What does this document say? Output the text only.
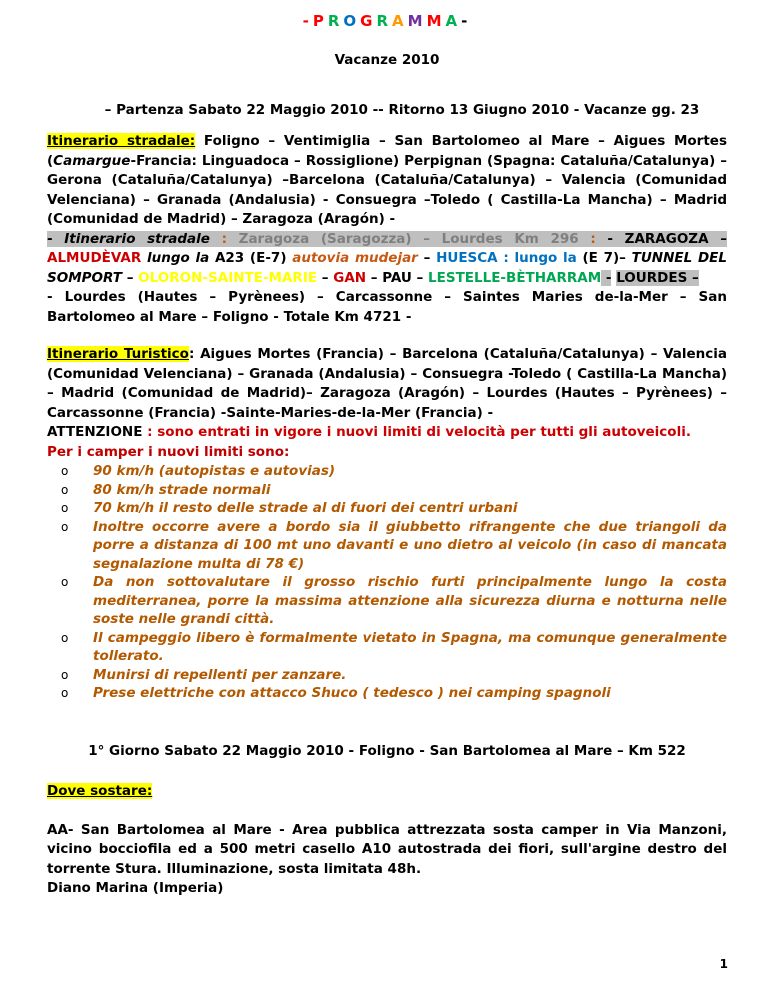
-PROGRAMMA-
Vacanze 2010
– Partenza Sabato 22 Maggio 2010 -- Ritorno 13 Giugno 2010 - Vacanze gg. 23

Itinerario stradale: Foligno – Ventimiglia – San Bartolomeo al Mare – Aigues Mortes (Camargue-Francia: Linguadoca – Rossiglione) Perpignan (Spagna: Cataluña/Catalunya) – Gerona (Cataluña/Catalunya) –Barcelona (Cataluña/Catalunya) – Valencia (Comunidad Velenciana) – Granada (Andalusia) - Consuegra –Toledo ( Castilla-La Mancha) – Madrid (Comunidad de Madrid) – Zaragoza (Aragón) -

- Itinerario stradale : Zaragoza (Saragozza) – Lourdes Km 296 : - ZARAGOZA – ALMUDÈVAR lungo la A23 (E-7) autovia mudejar – HUESCA : lungo la (E 7)– TUNNEL DEL SOMPORT – OLORON-SAINTE-MARIE – GAN – PAU – LESTELLE-BÈTHARRAM - LOURDES –

- Lourdes (Hautes – Pyrènees) – Carcassonne – Saintes Maries de-la-Mer – San Bartolomeo al Mare – Foligno - Totale Km 4721 -

Itinerario Turistico: Aigues Mortes (Francia) – Barcelona (Cataluña/Catalunya) – Valencia (Comunidad Velenciana) – Granada (Andalusia) – Consuegra -Toledo ( Castilla-La Mancha) – Madrid (Comunidad de Madrid)– Zaragoza (Aragón) – Lourdes (Hautes – Pyrènees) – Carcassonne (Francia) -Sainte-Maries-de-la-Mer (Francia) -

ATTENZIONE : sono entrati in vigore i nuovi limiti di velocità per tutti gli autoveicoli.

Per i camper i nuovi limiti sono:

o 90 km/h (autopistas e autovias)
o 80 km/h strade normali
o 70 km/h il resto delle strade al di fuori dei centri urbani
o Inoltre occorre avere a bordo sia il giubbetto rifrangente che due triangoli da porre a distanza di 100 mt uno davanti e uno dietro al veicolo (in caso di mancata segnalazione multa di 78 €)
o Da non sottovalutare il grosso rischio furti principalmente lungo la costa mediterranea, porre la massima attenzione alla sicurezza diurna e notturna nelle soste nelle grandi città.
o Il campeggio libero è formalmente vietato in Spagna, ma comunque generalmente tollerato.
o Munirsi di repellenti per zanzare.
o Prese elettriche con attacco Shuco ( tedesco ) nei camping spagnoli
1° Giorno Sabato 22 Maggio 2010 - Foligno - San Bartolomea al Mare – Km 522
Dove sostare:

AA- San Bartolomea al Mare - Area pubblica attrezzata sosta camper in Via Manzoni, vicino bocciofila ed a 500 metri casello A10 autostrada dei fiori, sull'argine destro del torrente Stura. Illuminazione, sosta limitata 48h.

Diano Marina (Imperia)

1
